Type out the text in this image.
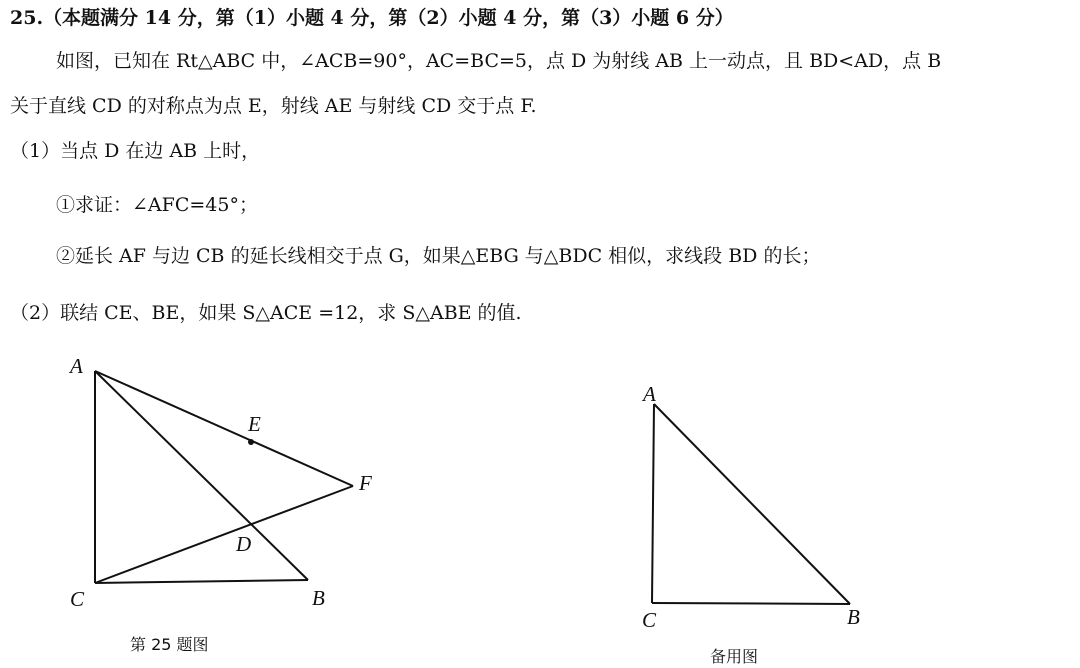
25.（本题满分 14 分，第（1）小题 4 分，第（2）小题 4 分，第（3）小题 6 分）
如图，已知在 Rt△ABC 中，∠ACB=90°，AC=BC=5，点 D 为射线 AB 上一动点，且 BD<AD，点 B
关于直线 CD 的对称点为点 E，射线 AE 与射线 CD 交于点 F.
（1）当点 D 在边 AB 上时，
①求证：∠AFC=45°；
②延长 AF 与边 CB 的延长线相交于点 G，如果△EBG 与△BDC 相似，求线段 BD 的长；
（2）联结 CE、BE，如果 S△ACE =12，求 S△ABE 的值.
A
E
F
D
C	B
第 25 题图
A
C	B
备用图
